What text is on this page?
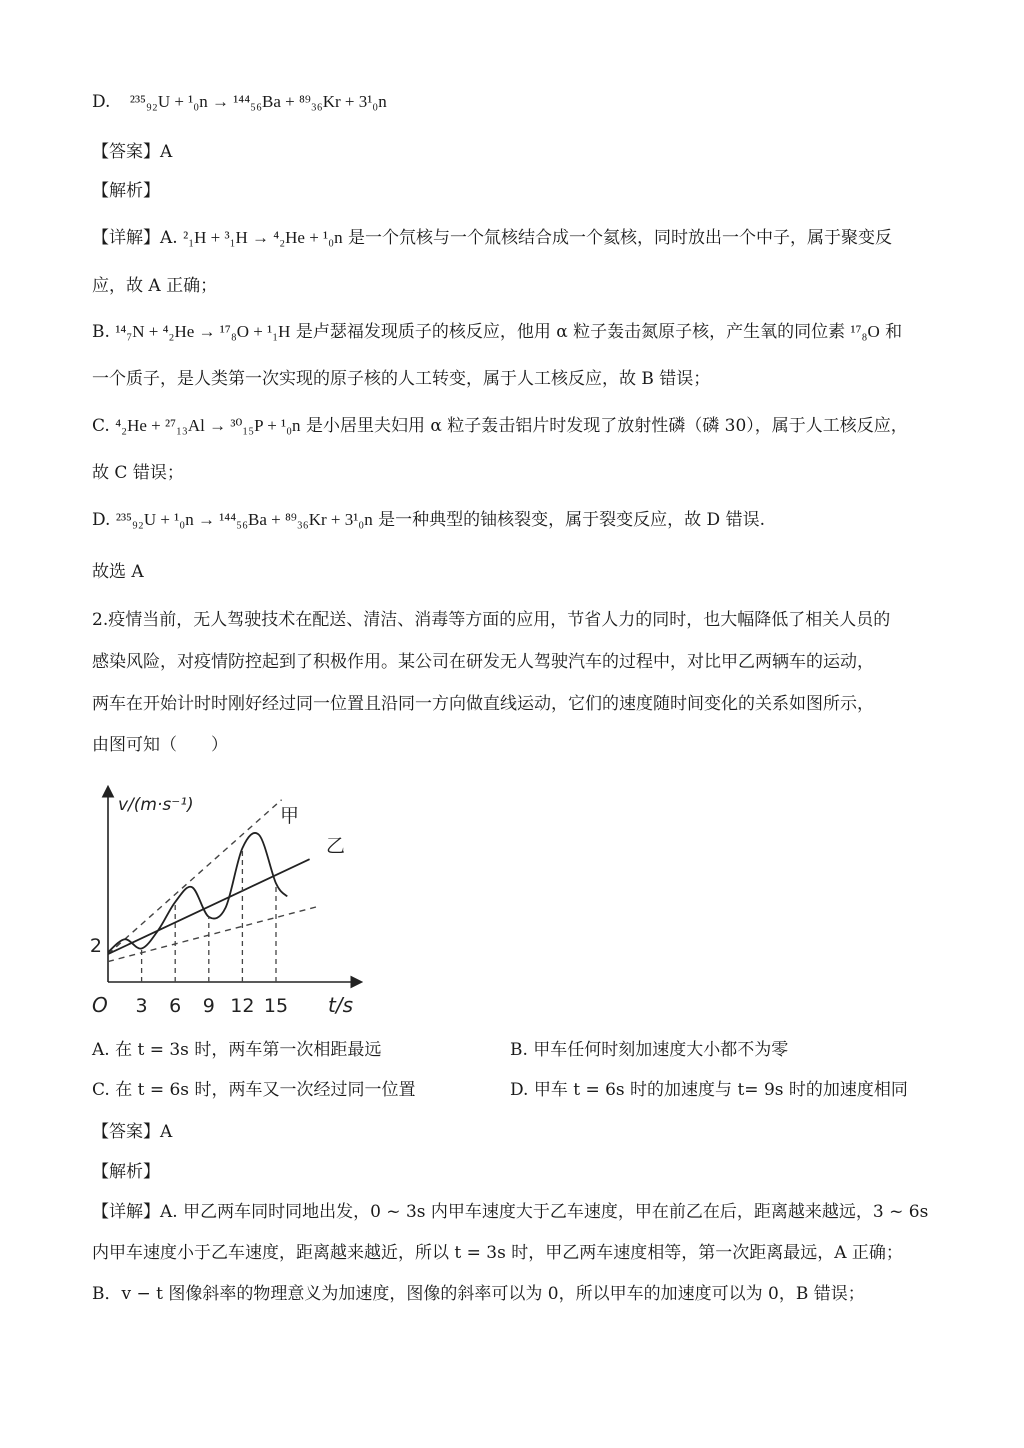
D. ²³⁵₉₂U + ¹₀n → ¹⁴⁴₅₆Ba + ⁸⁹₃₆Kr + 3¹₀n
【答案】A
【解析】
【详解】A. ²₁H + ³₁H → ⁴₂He + ¹₀n 是一个氘核与一个氚核结合成一个氦核，同时放出一个中子，属于聚变反
应，故 A 正确；
B. ¹⁴₇N + ⁴₂He → ¹⁷₈O + ¹₁H 是卢瑟福发现质子的核反应，他用 α 粒子轰击氮原子核，产生氧的同位素 ¹⁷₈O 和
一个质子，是人类第一次实现的原子核的人工转变，属于人工核反应，故 B 错误；
C. ⁴₂He + ²⁷₁₃Al → ³⁰₁₅P + ¹₀n 是小居里夫妇用 α 粒子轰击铝片时发现了放射性磷（磷 30），属于人工核反应，
故 C 错误；
D. ²³⁵₉₂U + ¹₀n → ¹⁴⁴₅₆Ba + ⁸⁹₃₆Kr + 3¹₀n 是一种典型的铀核裂变，属于裂变反应，故 D 错误.
故选 A
2.疫情当前，无人驾驶技术在配送、清洁、消毒等方面的应用，节省人力的同时，也大幅降低了相关人员的
感染风险，对疫情防控起到了积极作用。某公司在研发无人驾驶汽车的过程中，对比甲乙两辆车的运动，
两车在开始计时时刚好经过同一位置且沿同一方向做直线运动，它们的速度随时间变化的关系如图所示，
由图可知（　　）
3 6 9 12 15
2
v/(m·s⁻¹)
t/s
O
甲
乙
A. 在 t = 3s 时，两车第一次相距最远	B. 甲车任何时刻加速度大小都不为零
C. 在 t = 6s 时，两车又一次经过同一位置	D. 甲车 t = 6s 时的加速度与 t= 9s 时的加速度相同
【答案】A
【解析】
【详解】A. 甲乙两车同时同地出发，0 ~ 3s 内甲车速度大于乙车速度，甲在前乙在后，距离越来越远，3 ~ 6s
内甲车速度小于乙车速度，距离越来越近，所以 t = 3s 时，甲乙两车速度相等，第一次距离最远，A 正确；
B．v − t 图像斜率的物理意义为加速度，图像的斜率可以为 0，所以甲车的加速度可以为 0，B 错误；
